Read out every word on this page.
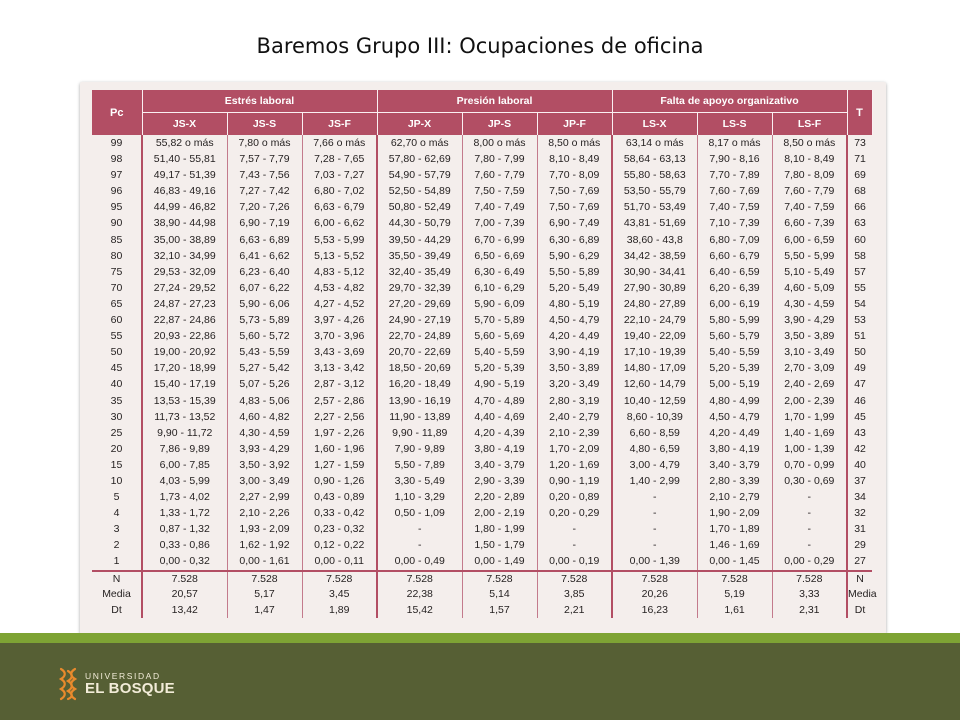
Baremos Grupo III: Ocupaciones de oficina
Pc	Estrés laboral			Presión laboral			Falta de apoyo organizativo			T
	JS-X	JS-S	JS-F	JP-X	JP-S	JP-F	LS-X	LS-S	LS-F	
99	55,82 o más	7,80 o más	7,66 o más	62,70 o más	8,00 o más	8,50 o más	63,14 o más	8,17 o más	8,50 o más	73
98	51,40 - 55,81	7,57 - 7,79	7,28 - 7,65	57,80 - 62,69	7,80 - 7,99	8,10 - 8,49	58,64 - 63,13	7,90 - 8,16	8,10 - 8,49	71
97	49,17 - 51,39	7,43 - 7,56	7,03 - 7,27	54,90 - 57,79	7,60 - 7,79	7,70 - 8,09	55,80 - 58,63	7,70 - 7,89	7,80 - 8,09	69
96	46,83 - 49,16	7,27 - 7,42	6,80 - 7,02	52,50 - 54,89	7,50 - 7,59	7,50 - 7,69	53,50 - 55,79	7,60 - 7,69	7,60 - 7,79	68
95	44,99 - 46,82	7,20 - 7,26	6,63 - 6,79	50,80 - 52,49	7,40 - 7,49	7,50 - 7,69	51,70 - 53,49	7,40 - 7,59	7,40 - 7,59	66
90	38,90 - 44,98	6,90 - 7,19	6,00 - 6,62	44,30 - 50,79	7,00 - 7,39	6,90 - 7,49	43,81 - 51,69	7,10 - 7,39	6,60 - 7,39	63
85	35,00 - 38,89	6,63 - 6,89	5,53 - 5,99	39,50 - 44,29	6,70 - 6,99	6,30 - 6,89	38,60 - 43,8	6,80 - 7,09	6,00 - 6,59	60
80	32,10 - 34,99	6,41 - 6,62	5,13 - 5,52	35,50 - 39,49	6,50 - 6,69	5,90 - 6,29	34,42 - 38,59	6,60 - 6,79	5,50 - 5,99	58
75	29,53 - 32,09	6,23 - 6,40	4,83 - 5,12	32,40 - 35,49	6,30 - 6,49	5,50 - 5,89	30,90 - 34,41	6,40 - 6,59	5,10 - 5,49	57
70	27,24 - 29,52	6,07 - 6,22	4,53 - 4,82	29,70 - 32,39	6,10 - 6,29	5,20 - 5,49	27,90 - 30,89	6,20 - 6,39	4,60 - 5,09	55
65	24,87 - 27,23	5,90 - 6,06	4,27 - 4,52	27,20 - 29,69	5,90 - 6,09	4,80 - 5,19	24,80 - 27,89	6,00 - 6,19	4,30 - 4,59	54
60	22,87 - 24,86	5,73 - 5,89	3,97 - 4,26	24,90 - 27,19	5,70 - 5,89	4,50 - 4,79	22,10 - 24,79	5,80 - 5,99	3,90 - 4,29	53
55	20,93 - 22,86	5,60 - 5,72	3,70 - 3,96	22,70 - 24,89	5,60 - 5,69	4,20 - 4,49	19,40 - 22,09	5,60 - 5,79	3,50 - 3,89	51
50	19,00 - 20,92	5,43 - 5,59	3,43 - 3,69	20,70 - 22,69	5,40 - 5,59	3,90 - 4,19	17,10 - 19,39	5,40 - 5,59	3,10 - 3,49	50
45	17,20 - 18,99	5,27 - 5,42	3,13 - 3,42	18,50 - 20,69	5,20 - 5,39	3,50 - 3,89	14,80 - 17,09	5,20 - 5,39	2,70 - 3,09	49
40	15,40 - 17,19	5,07 - 5,26	2,87 - 3,12	16,20 - 18,49	4,90 - 5,19	3,20 - 3,49	12,60 - 14,79	5,00 - 5,19	2,40 - 2,69	47
35	13,53 - 15,39	4,83 - 5,06	2,57 - 2,86	13,90 - 16,19	4,70 - 4,89	2,80 - 3,19	10,40 - 12,59	4,80 - 4,99	2,00 - 2,39	46
30	11,73 - 13,52	4,60 - 4,82	2,27 - 2,56	11,90 - 13,89	4,40 - 4,69	2,40 - 2,79	8,60 - 10,39	4,50 - 4,79	1,70 - 1,99	45
25	9,90 - 11,72	4,30 - 4,59	1,97 - 2,26	9,90 - 11,89	4,20 - 4,39	2,10 - 2,39	6,60 - 8,59	4,20 - 4,49	1,40 - 1,69	43
20	7,86 - 9,89	3,93 - 4,29	1,60 - 1,96	7,90 - 9,89	3,80 - 4,19	1,70 - 2,09	4,80 - 6,59	3,80 - 4,19	1,00 - 1,39	42
15	6,00 - 7,85	3,50 - 3,92	1,27 - 1,59	5,50 - 7,89	3,40 - 3,79	1,20 - 1,69	3,00 - 4,79	3,40 - 3,79	0,70 - 0,99	40
10	4,03 - 5,99	3,00 - 3,49	0,90 - 1,26	3,30 - 5,49	2,90 - 3,39	0,90 - 1,19	1,40 - 2,99	2,80 - 3,39	0,30 - 0,69	37
5	1,73 - 4,02	2,27 - 2,99	0,43 - 0,89	1,10 - 3,29	2,20 - 2,89	0,20 - 0,89	-	2,10 - 2,79	-	34
4	1,33 - 1,72	2,10 - 2,26	0,33 - 0,42	0,50 - 1,09	2,00 - 2,19	0,20 - 0,29	-	1,90 - 2,09	-	32
3	0,87 - 1,32	1,93 - 2,09	0,23 - 0,32	-	1,80 - 1,99	-	-	1,70 - 1,89	-	31
2	0,33 - 0,86	1,62 - 1,92	0,12 - 0,22	-	1,50 - 1,79	-	-	1,46 - 1,69	-	29
1	0,00 - 0,32	0,00 - 1,61	0,00 - 0,11	0,00 - 0,49	0,00 - 1,49	0,00 - 0,19	0,00 - 1,39	0,00 - 1,45	0,00 - 0,29	27
N	7.528	7.528	7.528	7.528	7.528	7.528	7.528	7.528	7.528	N
Media	20,57	5,17	3,45	22,38	5,14	3,85	20,26	5,19	3,33	Media
Dt	13,42	1,47	1,89	15,42	1,57	2,21	16,23	1,61	2,31	Dt
UNIVERSIDAD
EL BOSQUE
